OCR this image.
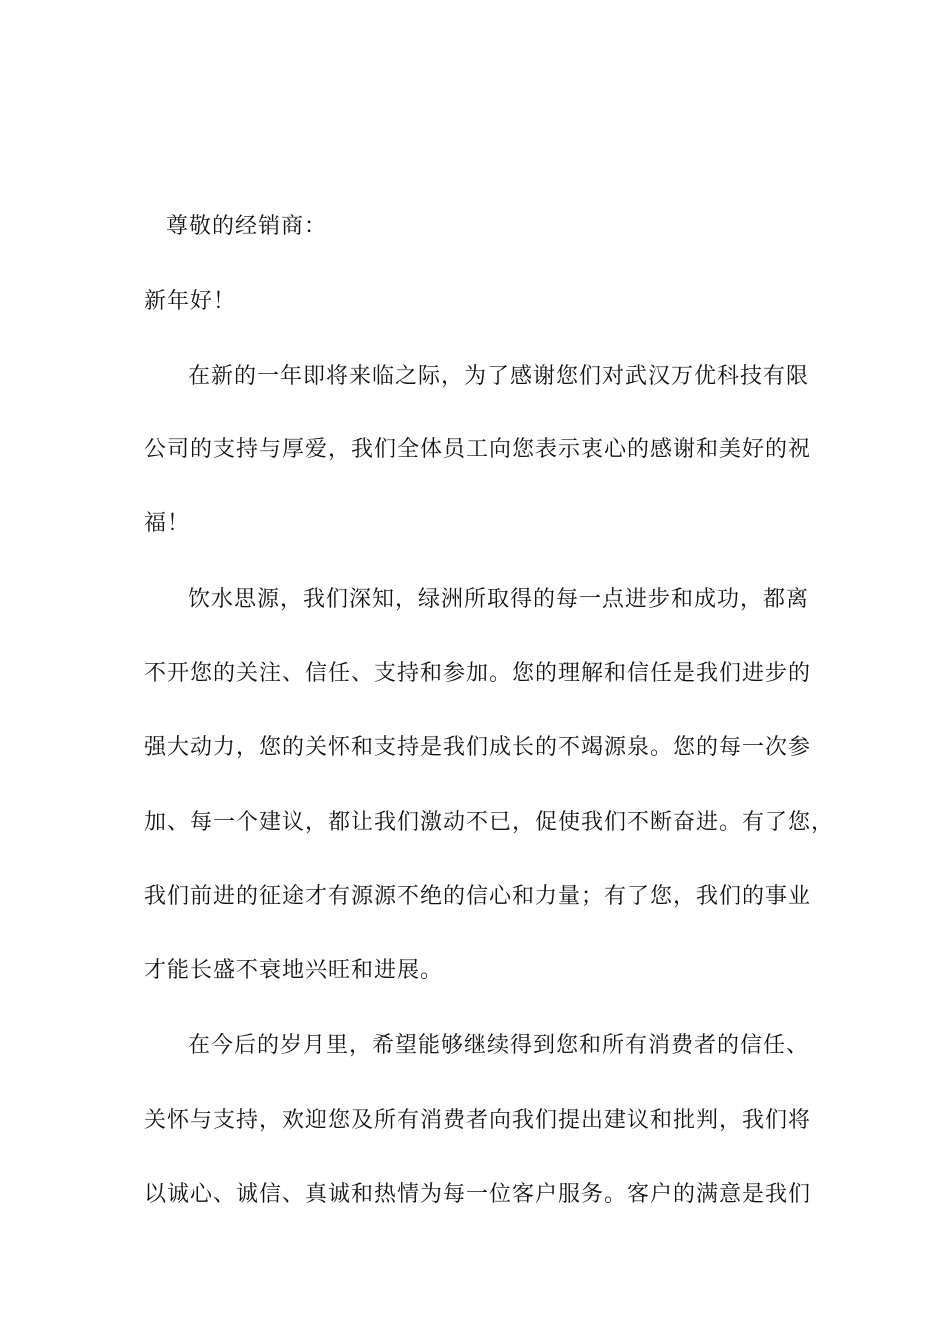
尊敬的经销商：
新年好！
在新的一年即将来临之际，为了感谢您们对武汉万优科技有限
公司的支持与厚爱，我们全体员工向您表示衷心的感谢和美好的祝
福！
饮水思源，我们深知，绿洲所取得的每一点进步和成功，都离
不开您的关注、信任、支持和参加。您的理解和信任是我们进步的
强大动力，您的关怀和支持是我们成长的不竭源泉。您的每一次参
加、每一个建议，都让我们激动不已，促使我们不断奋进。有了您，
我们前进的征途才有源源不绝的信心和力量；有了您，我们的事业
才能长盛不衰地兴旺和进展。
在今后的岁月里，希望能够继续得到您和所有消费者的信任、
关怀与支持，欢迎您及所有消费者向我们提出建议和批判，我们将
以诚心、诚信、真诚和热情为每一位客户服务。客户的满意是我们
